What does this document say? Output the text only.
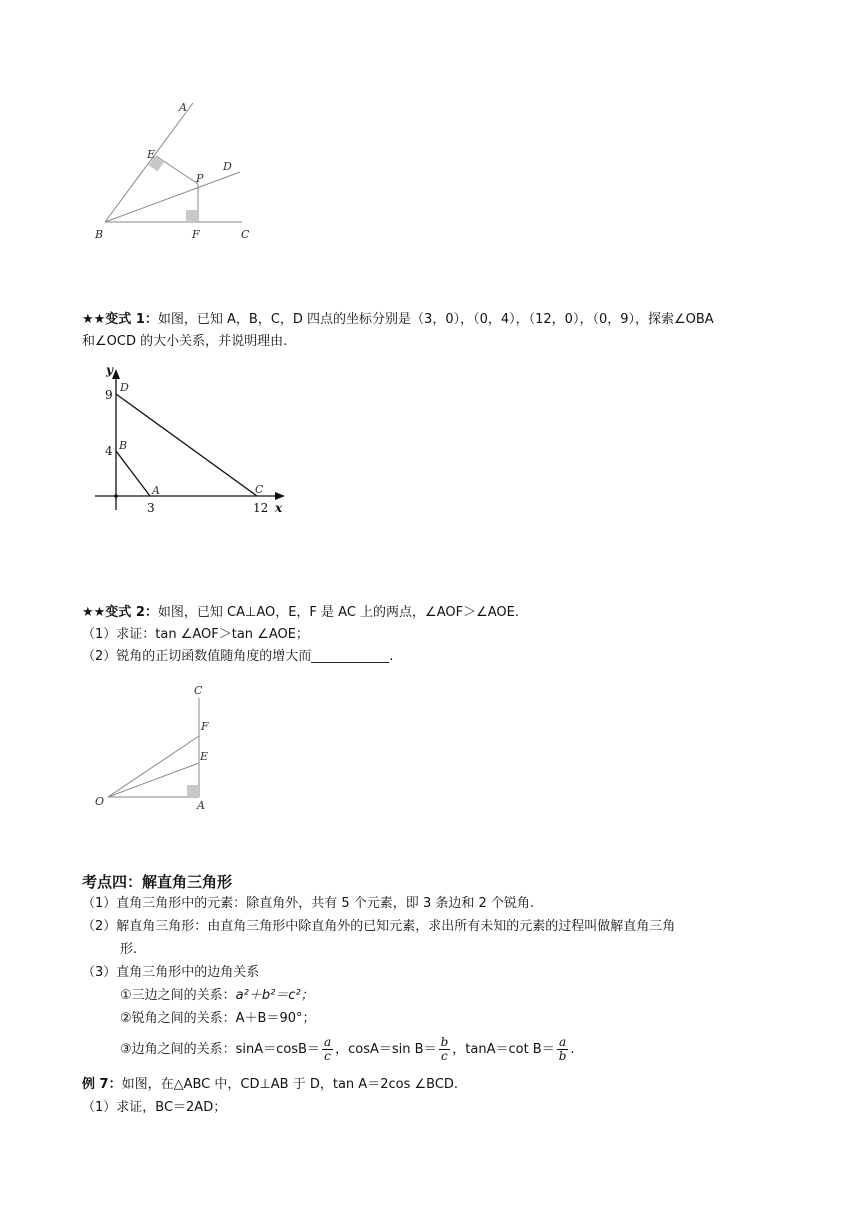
A
E
P
D
B	F	C
★★变式 1：如图，已知 A，B，C，D 四点的坐标分别是（3，0），（0，4），（12，0），（0，9），探索∠OBA
和∠OCD 的大小关系，并说明理由.
y
x
9
4
3	12
D
B
A	C
★★变式 2：如图，已知 CA⊥AO，E，F 是 AC 上的两点，∠AOF＞∠AOE.
（1）求证：tan ∠AOF＞tan ∠AOE；
（2）锐角的正切函数值随角度的增大而____________.
C
F
E
O	A
考点四：解直角三角形
（1）直角三角形中的元素：除直角外，共有 5 个元素，即 3 条边和 2 个锐角.
（2）解直角三角形：由直角三角形中除直角外的已知元素，求出所有未知的元素的过程叫做解直角三角
形.
（3）直角三角形中的边角关系
①三边之间的关系：a²＋b²＝c²；
②锐角之间的关系：A＋B＝90°；
③边角之间的关系：$\sin A=\cos B= \frac{a}{c}$ ，cosA＝sin $B= \frac{b}{c}$ ，tanA＝cot $B= \frac{a}{b}$ .
例 7：如图，在△ABC 中，CD⊥AB 于 D，tan A＝2cos ∠BCD.
（1）求证，BC＝2AD；
